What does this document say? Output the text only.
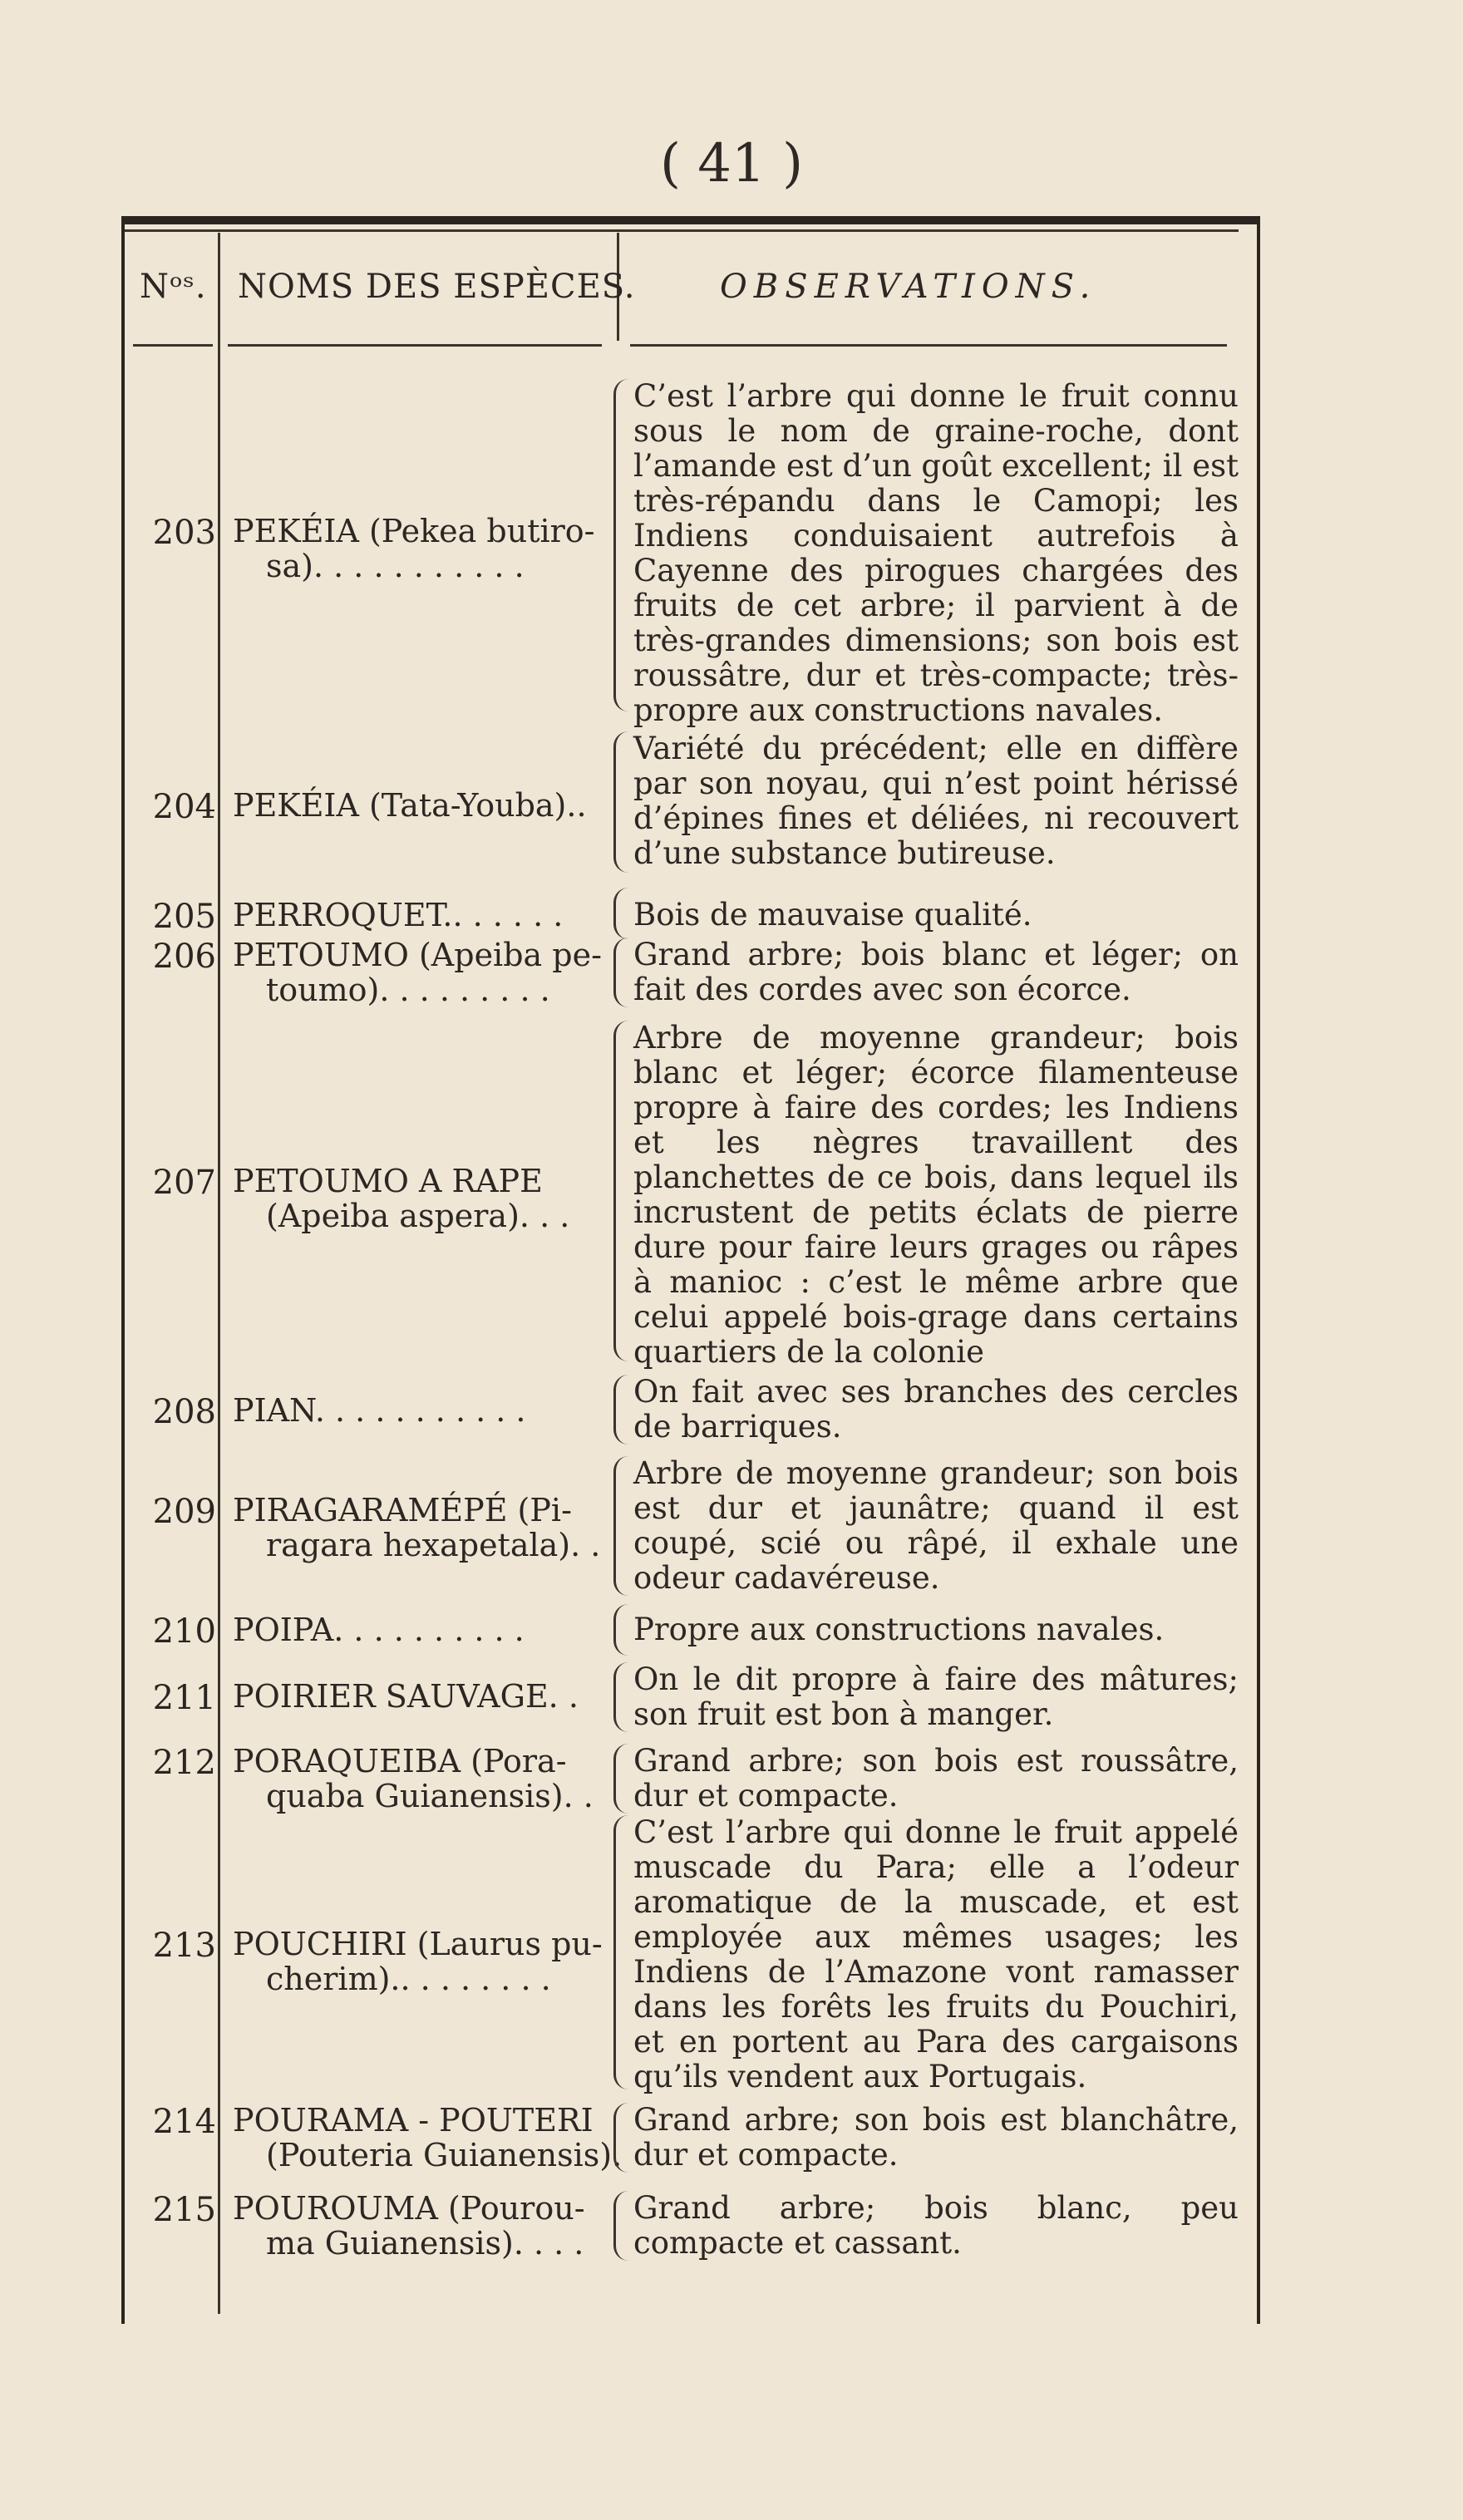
( 41 )
Nᵒˢ. NOMS DES ESPÈCES.	OBSERVATIONS.
203 PEKÉIA (Pekea butiro-
sa). . . . . . . . . . .
C’est l’arbre qui donne le fruit connu sous le nom de graine-roche, dont l’amande est d’un goût excellent; il est très-répandu dans le Camopi; les Indiens conduisaient autrefois à Cayenne des pirogues chargées des fruits de cet arbre; il parvient à de très-grandes dimensions; son bois est roussâtre, dur et très-compacte; très-propre aux constructions navales.
204 PEKÉIA (Tata-Youba)..
Variété du précédent; elle en diffère par son noyau, qui n’est point hérissé d’épines fines et déliées, ni recouvert d’une substance butireuse.
205 PERROQUET.. . . . . .	Bois de mauvaise qualité.
206 PETOUMO (Apeiba pe-
toumo). . . . . . . . .
Grand arbre; bois blanc et léger; on fait des cordes avec son écorce.
207 PETOUMO A RAPE
(Apeiba aspera). . .
Arbre de moyenne grandeur; bois blanc et léger; écorce filamenteuse propre à faire des cordes; les Indiens et les nègres travaillent des planchettes de ce bois, dans lequel ils incrustent de petits éclats de pierre dure pour faire leurs grages ou râpes à manioc : c’est le même arbre que celui appelé bois-grage dans certains quartiers de la colonie
208 PIAN. . . . . . . . . . .
On fait avec ses branches des cercles de barriques.
209 PIRAGARAMÉPÉ (Pi-
ragara hexapetala). .
Arbre de moyenne grandeur; son bois est dur et jaunâtre; quand il est coupé, scié ou râpé, il exhale une odeur cadavéreuse.
210 POIPA. . . . . . . . . .	Propre aux constructions navales.
211 POIRIER SAUVAGE. .	On le dit propre à faire des mâtures; son fruit est bon à manger.
212 PORAQUEIBA (Pora-
quaba Guianensis). .
Grand arbre; son bois est roussâtre, dur et compacte.
213 POUCHIRI (Laurus pu-
cherim).. . . . . . . .
C’est l’arbre qui donne le fruit appelé muscade du Para; elle a l’odeur aromatique de la muscade, et est employée aux mêmes usages; les Indiens de l’Amazone vont ramasser dans les forêts les fruits du Pouchiri, et en portent au Para des cargaisons qu’ils vendent aux Portugais.
214 POURAMA - POUTERI
(Pouteria Guianensis).
Grand arbre; son bois est blanchâtre, dur et compacte.
215 POUROUMA (Pourou-
ma Guianensis). . . .
Grand arbre; bois blanc, peu compacte et cassant.
